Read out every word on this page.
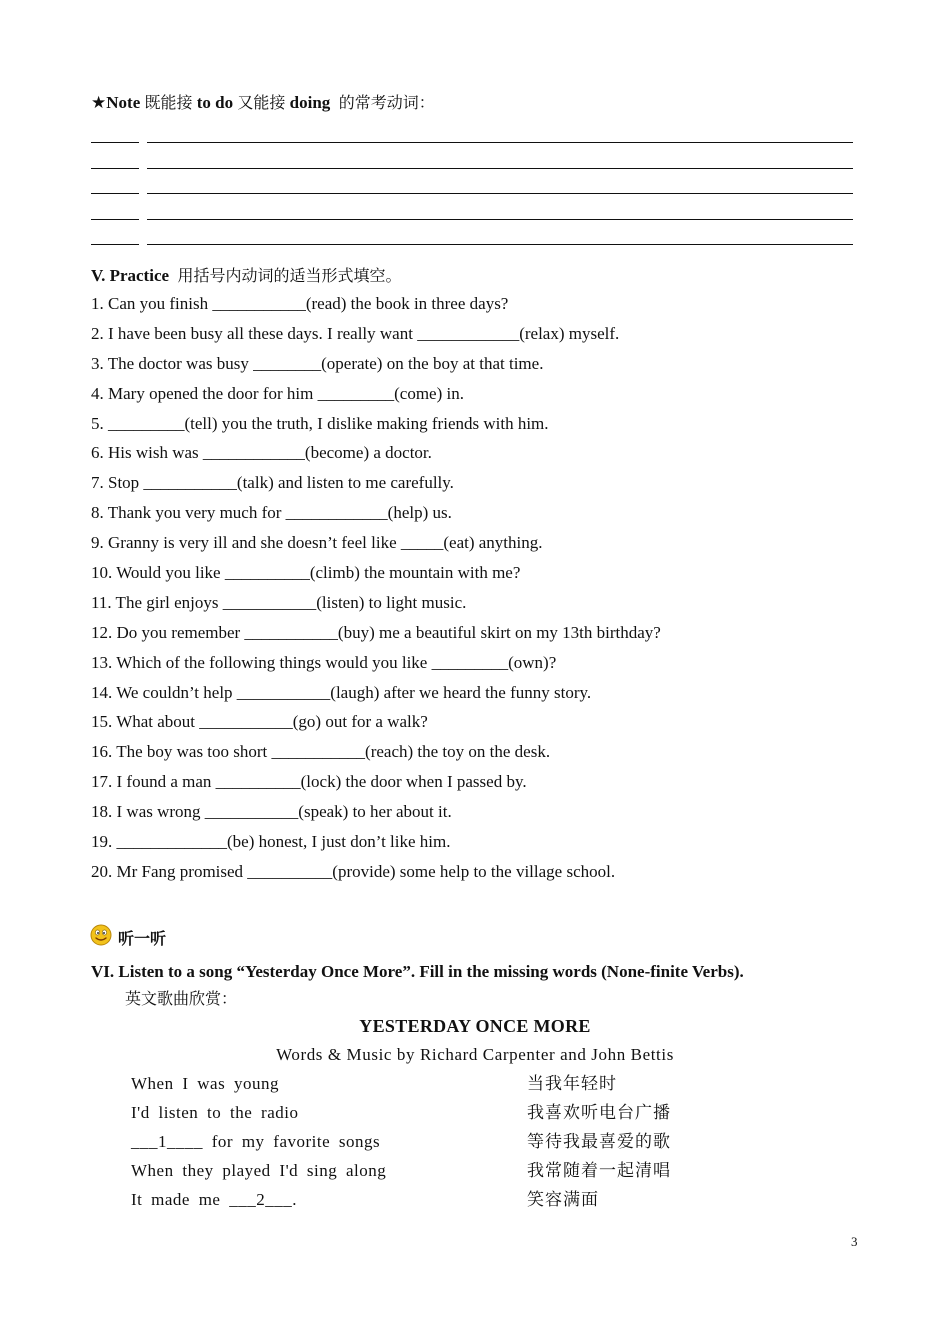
★Note 既能接 to do 又能接 doing 的常考动词：
V. Practice 用括号内动词的适当形式填空。
1. Can you finish ___________(read) the book in three days?
2. I have been busy all these days. I really want ____________(relax) myself.
3. The doctor was busy ________(operate) on the boy at that time.
4. Mary opened the door for him _________(come) in.
5. _________(tell) you the truth, I dislike making friends with him.
6. His wish was ____________(become) a doctor.
7. Stop ___________(talk) and listen to me carefully.
8. Thank you very much for ____________(help) us.
9. Granny is very ill and she doesn’t feel like _____(eat) anything.
10. Would you like __________(climb) the mountain with me?
11. The girl enjoys ___________(listen) to light music.
12. Do you remember ___________(buy) me a beautiful skirt on my 13th birthday?
13. Which of the following things would you like _________(own)?
14. We couldn’t help ___________(laugh) after we heard the funny story.
15. What about ___________(go) out for a walk?
16. The boy was too short ___________(reach) the toy on the desk.
17. I found a man __________(lock) the door when I passed by.
18. I was wrong ___________(speak) to her about it.
19. _____________(be) honest, I just don’t like him.
20. Mr Fang promised __________(provide) some help to the village school.
听一听
VI. Listen to a song “Yesterday Once More”. Fill in the missing words (None-finite Verbs).
英文歌曲欣赏：
YESTERDAY ONCE MORE
Words & Music by Richard Carpenter and John Bettis
When I was young	当我年轻时
I'd listen to the radio	我喜欢听电台广播
___1____ for my favorite songs	等待我最喜爱的歌
When they played I'd sing along	我常随着一起清唱
It made me ___2___.	笑容满面
3
